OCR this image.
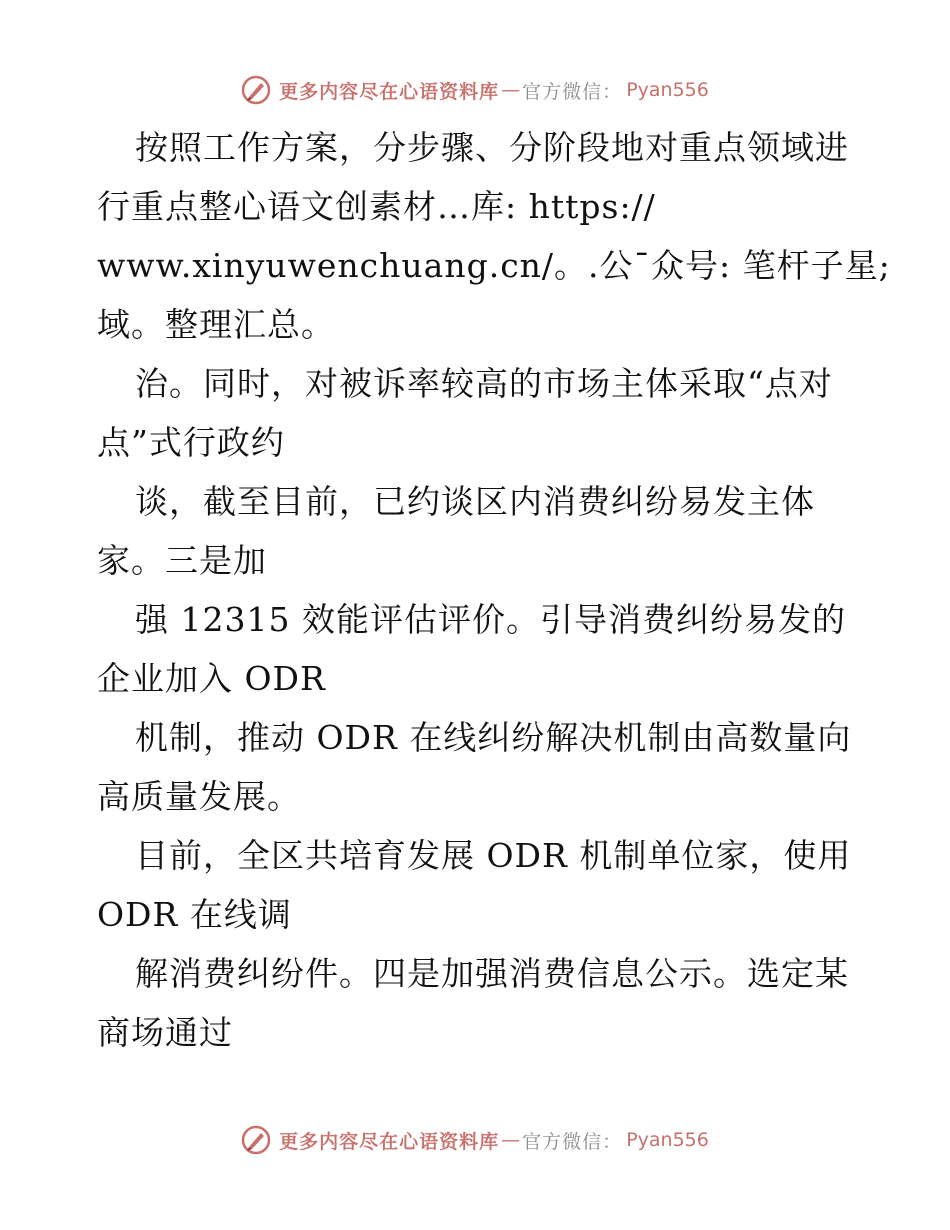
更多内容尽在心语资料库 — 官方微信： Pyan556

按照工作方案，分步骤、分阶段地对重点领域进
行重点整心语文创素材…库: https://
www.xinyuwenchuang.cn/。.公¯众号: 笔杆子星;
域。整理汇总。

治。同时，对被诉率较高的市场主体采取“点对
点”式行政约

谈，截至目前，已约谈区内消费纠纷易发主体
家。三是加

强 12315 效能评估评价。引导消费纠纷易发的
企业加入 ODR

机制，推动 ODR 在线纠纷解决机制由高数量向
高质量发展。

目前，全区共培育发展 ODR 机制单位家，使用
ODR 在线调

解消费纠纷件。四是加强消费信息公示。选定某
商场通过

更多内容尽在心语资料库 — 官方微信： Pyan556
